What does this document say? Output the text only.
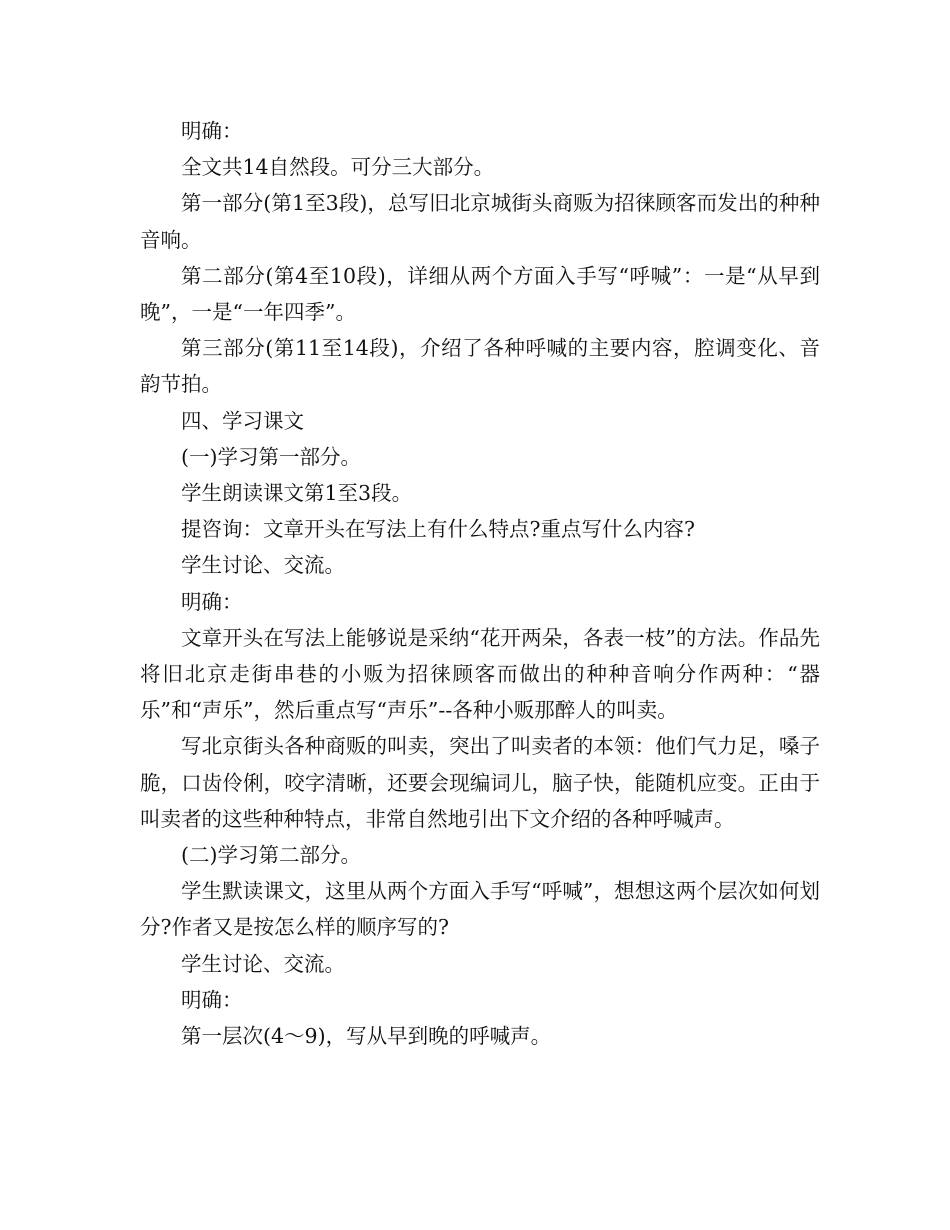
明确：

全文共14自然段。可分三大部分。

第一部分(第1至3段)，总写旧北京城街头商贩为招徕顾客而发出的种种音响。

第二部分(第4至10段)，详细从两个方面入手写“呼喊”：一是“从早到晚”，一是“一年四季”。

第三部分(第11至14段)，介绍了各种呼喊的主要内容，腔调变化、音韵节拍。

四、学习课文

(一)学习第一部分。

学生朗读课文第1至3段。

提咨询：文章开头在写法上有什么特点?重点写什么内容?

学生讨论、交流。

明确：

文章开头在写法上能够说是采纳“花开两朵，各表一枝”的方法。作品先将旧北京走街串巷的小贩为招徕顾客而做出的种种音响分作两种：“器乐”和“声乐”，然后重点写“声乐”--各种小贩那醉人的叫卖。

写北京街头各种商贩的叫卖，突出了叫卖者的本领：他们气力足，嗓子脆，口齿伶俐，咬字清晰，还要会现编词儿，脑子快，能随机应变。正由于叫卖者的这些种种特点，非常自然地引出下文介绍的各种呼喊声。

(二)学习第二部分。

学生默读课文，这里从两个方面入手写“呼喊”，想想这两个层次如何划分?作者又是按怎么样的顺序写的?

学生讨论、交流。

明确：

第一层次(4～9)，写从早到晚的呼喊声。
